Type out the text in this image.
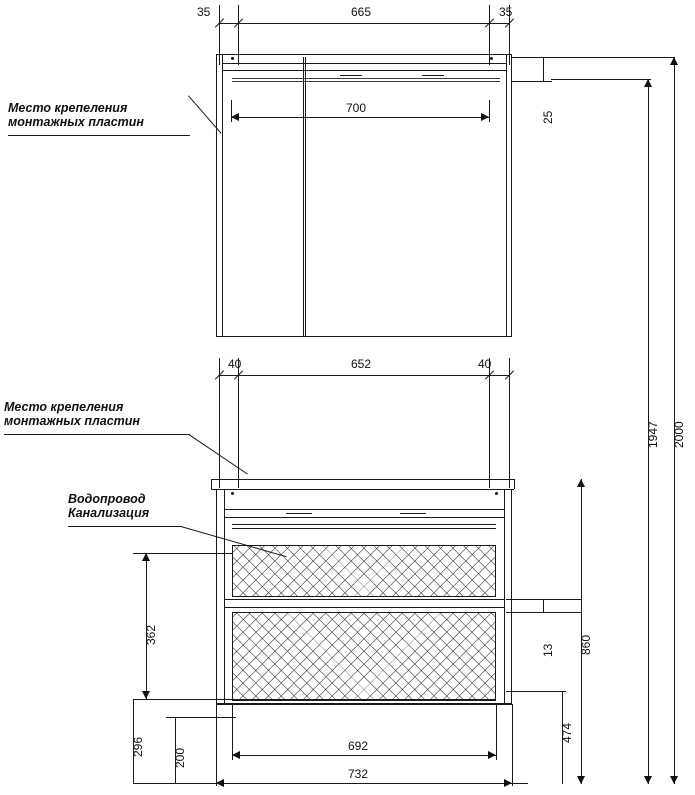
35	665	35
700
25
Место крепеления
монтажных пластин
40	652	40
Место крепеления
монтажных пластин
Водопровод
Канализация
362
296
200
13 860
474
1947 2000
692
732
